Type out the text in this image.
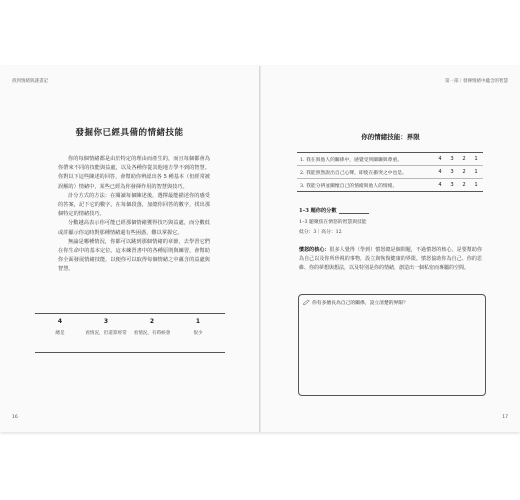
找到情緒與謎書記
發掘你已經具備的情緒技能

你的每個情緒都是由於特定的理由而產生的，而且每個都會為你帶來不同的技能與益處，以及各種你從其他地方學不到的智慧。你對以下這些陳述的回答，會幫助你辨認出各 5 種基本（但經常被誤解的）情緒中，某些已經為你發揮作用的智慧與技巧。

計分方式的方法：在閱讀每個陳述後，選擇最能描述你的感受的答案，記下它的數字。在每個段落，加總你回答的數字，找出那個特定的情緒技巧。

分數越高表示你可能已經那個情緒獲得技巧與益處，而分數低或許顯示你這時對那種情緒還有些困惑，難以掌握它。

無論是哪種情況，你都可以跳到那個情緒的章節，去學習它們在你生命中的基本定位。這本練習書中的各種原則與練習，會幫助你全面發展情緒技能，以便你可以取得每個情緒之中蘊含的益處與智慧。

4
總是
3
看情況，但還算經常
2
看情況，有時候會
1
很少
16
第一部｜發揮情緒中蘊含的智慧
你的情緒技能：界限
1. 我在與他人的關係中，感覺受到關聯與尊重。	4	3	2	1
2. 我能照然說出自己心聲，即使在衝突之中也是。	4	3	2	1
3. 我能分辨並關懷自己的情緒與他人的情緒。	4	3	2	1
1–3 題你的分數
1–3 題聚焦在憤怒的智慧與技能
低分：3｜高分：12
憤怒的核心：很多人覺得（學到）憤怒總是個問題，不過憤怒的核心，是要幫助你為自己以及你所珍視的事物，設立與恢復健康的界限。憤怒協助你為自己、你的思維、你的夢想與想法，以及特別是你的情緒，創造出一個私密而專屬的空間。
你有多擅長為自己的關係，設立清楚的界限？
17
